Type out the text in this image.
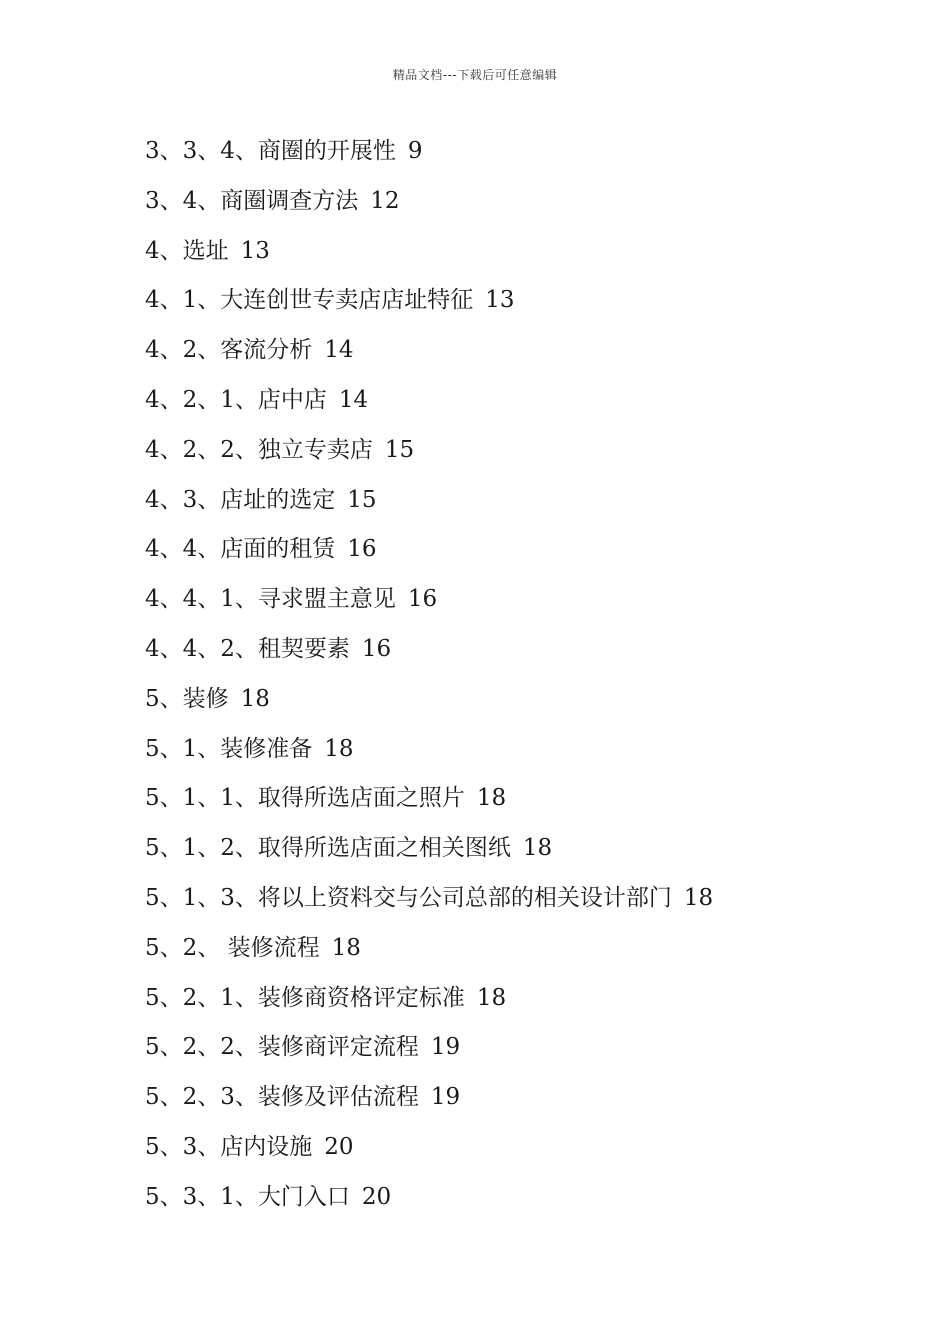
精品文档---下载后可任意编辑
3、3、4、商圈的开展性 9
3、4、商圈调查方法 12
4、选址 13
4、1、大连创世专卖店店址特征 13
4、2、客流分析 14
4、2、1、店中店 14
4、2、2、独立专卖店 15
4、3、店址的选定 15
4、4、店面的租赁 16
4、4、1、寻求盟主意见 16
4、4、2、租契要素 16
5、装修 18
5、1、装修准备 18
5、1、1、取得所选店面之照片 18
5、1、2、取得所选店面之相关图纸 18
5、1、3、将以上资料交与公司总部的相关设计部门 18
5、2、 装修流程 18
5、2、1、装修商资格评定标准 18
5、2、2、装修商评定流程 19
5、2、3、装修及评估流程 19
5、3、店内设施 20
5、3、1、大门入口 20
